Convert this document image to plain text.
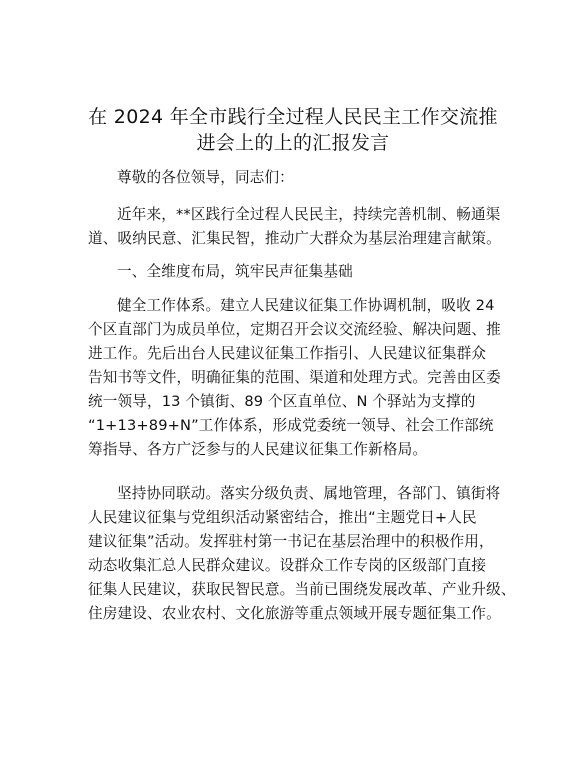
在 2024 年全市践行全过程人民民主工作交流推
进会上的上的汇报发言
尊敬的各位领导，同志们：
近年来，**区践行全过程人民民主，持续完善机制、畅通渠
道、吸纳民意、汇集民智，推动广大群众为基层治理建言献策。
一、全维度布局，筑牢民声征集基础
健全工作体系。建立人民建议征集工作协调机制，吸收 24
个区直部门为成员单位，定期召开会议交流经验、解决问题、推
进工作。先后出台人民建议征集工作指引、人民建议征集群众
告知书等文件，明确征集的范围、渠道和处理方式。完善由区委
统一领导，13 个镇街、89 个区直单位、N 个驿站为支撑的
“1+13+89+N”工作体系，形成党委统一领导、社会工作部统
筹指导、各方广泛参与的人民建议征集工作新格局。
坚持协同联动。落实分级负责、属地管理，各部门、镇街将
人民建议征集与党组织活动紧密结合，推出“主题党日+人民
建议征集”活动。发挥驻村第一书记在基层治理中的积极作用，
动态收集汇总人民群众建议。设群众工作专岗的区级部门直接
征集人民建议，获取民智民意。当前已围绕发展改革、产业升级、
住房建设、农业农村、文化旅游等重点领域开展专题征集工作。
